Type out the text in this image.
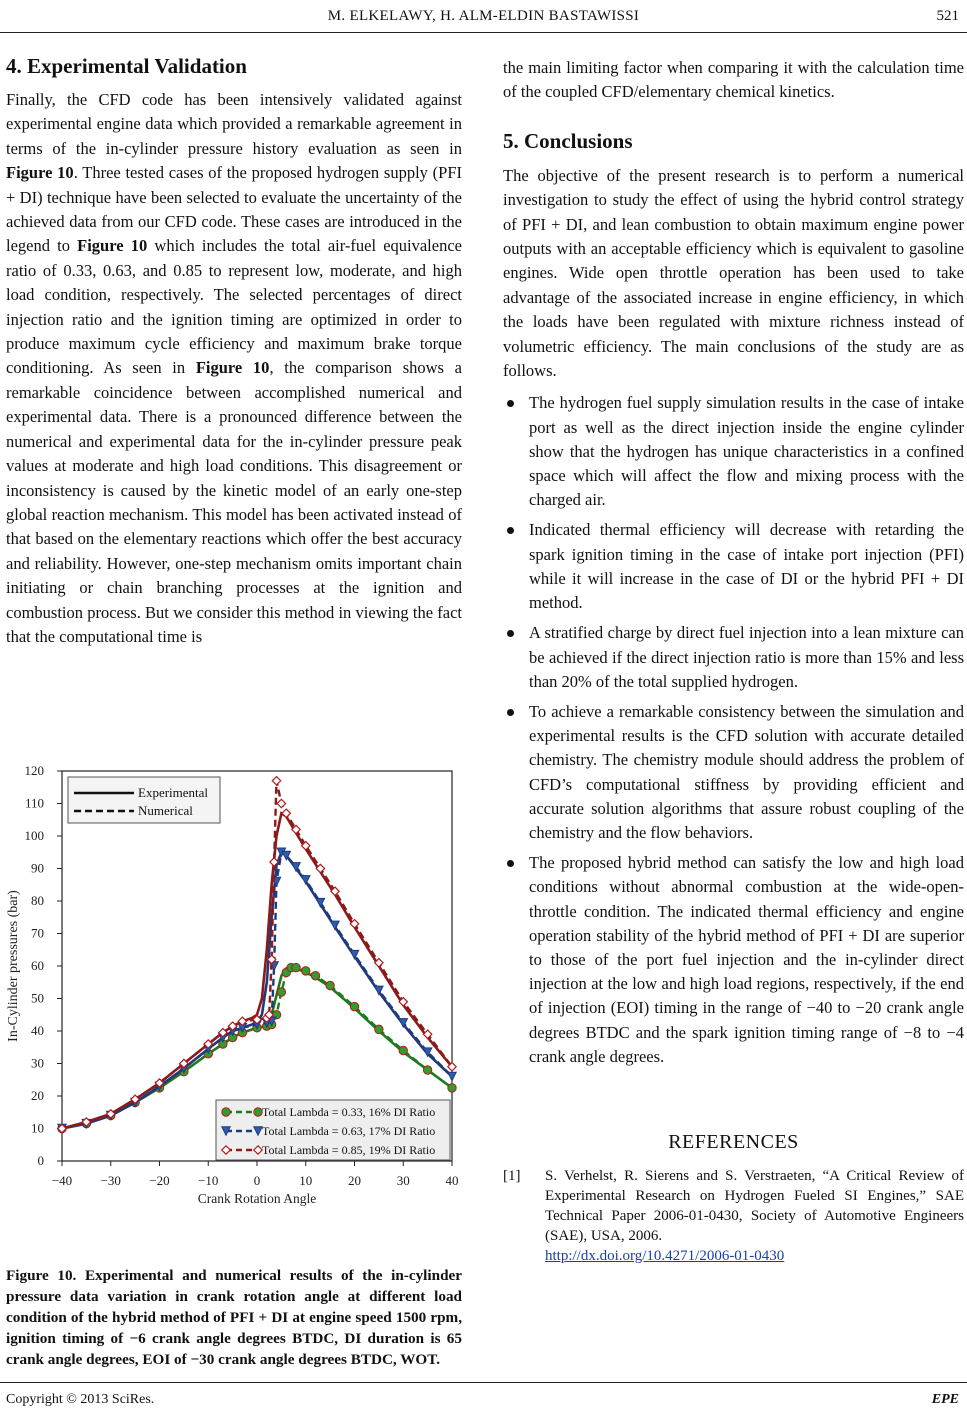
M. ELKELAWY, H. ALM-ELDIN BASTAWISSI	521
4. Experimental Validation

Finally, the CFD code has been intensively validated against experimental engine data which provided a remarkable agreement in terms of the in-cylinder pressure history evaluation as seen in Figure 10. Three tested cases of the proposed hydrogen supply (PFI + DI) technique have been selected to evaluate the uncertainty of the achieved data from our CFD code. These cases are introduced in the legend to Figure 10 which includes the total air-fuel equivalence ratio of 0.33, 0.63, and 0.85 to represent low, moderate, and high load condition, respectively. The selected percentages of direct injection ratio and the ignition timing are optimized in order to produce maximum cycle efficiency and maximum brake torque conditioning. As seen in Figure 10, the comparison shows a remarkable coincidence between accomplished numerical and experimental data. There is a pronounced difference between the numerical and experimental data for the in-cylinder pressure peak values at moderate and high load conditions. This disagreement or inconsistency is caused by the kinetic model of an early one-step global reaction mechanism. This model has been activated instead of that based on the elementary reactions which offer the best accuracy and reliability. However, one-step mechanism omits important chain initiating or chain branching processes at the ignition and combustion process. But we consider this method in viewing the fact that the computational time is

0
10
20
30
40
50
60
70
80
90
100
110
120
−40 −30 −20 −10	0	10	20	30	40
Crank Rotation Angle
In-Cylinder pressures (bar)
Experimental
Numerical
Total Lambda = 0.33, 16% DI Ratio
Total Lambda = 0.63, 17% DI Ratio
Total Lambda = 0.85, 19% DI Ratio
Figure 10. Experimental and numerical results of the in-cylinder pressure data variation in crank rotation angle at different load condition of the hybrid method of PFI + DI at engine speed 1500 rpm, ignition timing of −6 crank angle degrees BTDC, DI duration is 65 crank angle degrees, EOI of −30 crank angle degrees BTDC, WOT.

the main limiting factor when comparing it with the calculation time of the coupled CFD/elementary chemical kinetics.

5. Conclusions

The objective of the present research is to perform a numerical investigation to study the effect of using the hybrid control strategy of PFI + DI, and lean combustion to obtain maximum engine power outputs with an acceptable efficiency which is equivalent to gasoline engines. Wide open throttle operation has been used to take advantage of the associated increase in engine efficiency, in which the loads have been regulated with mixture richness instead of volumetric efficiency. The main conclusions of the study are as follows.

The hydrogen fuel supply simulation results in the case of intake port as well as the direct injection inside the engine cylinder show that the hydrogen has unique characteristics in a confined space which will affect the flow and mixing process with the charged air.
Indicated thermal efficiency will decrease with retarding the spark ignition timing in the case of intake port injection (PFI) while it will increase in the case of DI or the hybrid PFI + DI method.
A stratified charge by direct fuel injection into a lean mixture can be achieved if the direct injection ratio is more than 15% and less than 20% of the total supplied hydrogen.
To achieve a remarkable consistency between the simulation and experimental results is the CFD solution with accurate detailed chemistry. The chemistry module should address the problem of CFD’s computational stiffness by providing efficient and accurate solution algorithms that assure robust coupling of the chemistry and the flow behaviors.
The proposed hybrid method can satisfy the low and high load conditions without abnormal combustion at the wide-open-throttle condition. The indicated thermal efficiency and engine operation stability of the hybrid method of PFI + DI are superior to those of the port fuel injection and the in-cylinder direct injection at the low and high load regions, respectively, if the end of injection (EOI) timing in the range of −40 to −20 crank angle degrees BTDC and the spark ignition timing range of −8 to −4 crank angle degrees.
REFERENCES
[1] S. Verhelst, R. Sierens and S. Verstraeten, “A Critical Review of Experimental Research on Hydrogen Fueled SI Engines,” SAE Technical Paper 2006-01-0430, Society of Automotive Engineers (SAE), USA, 2006.
http://dx.doi.org/10.4271/2006-01-0430
Copyright © 2013 SciRes.	EPE
